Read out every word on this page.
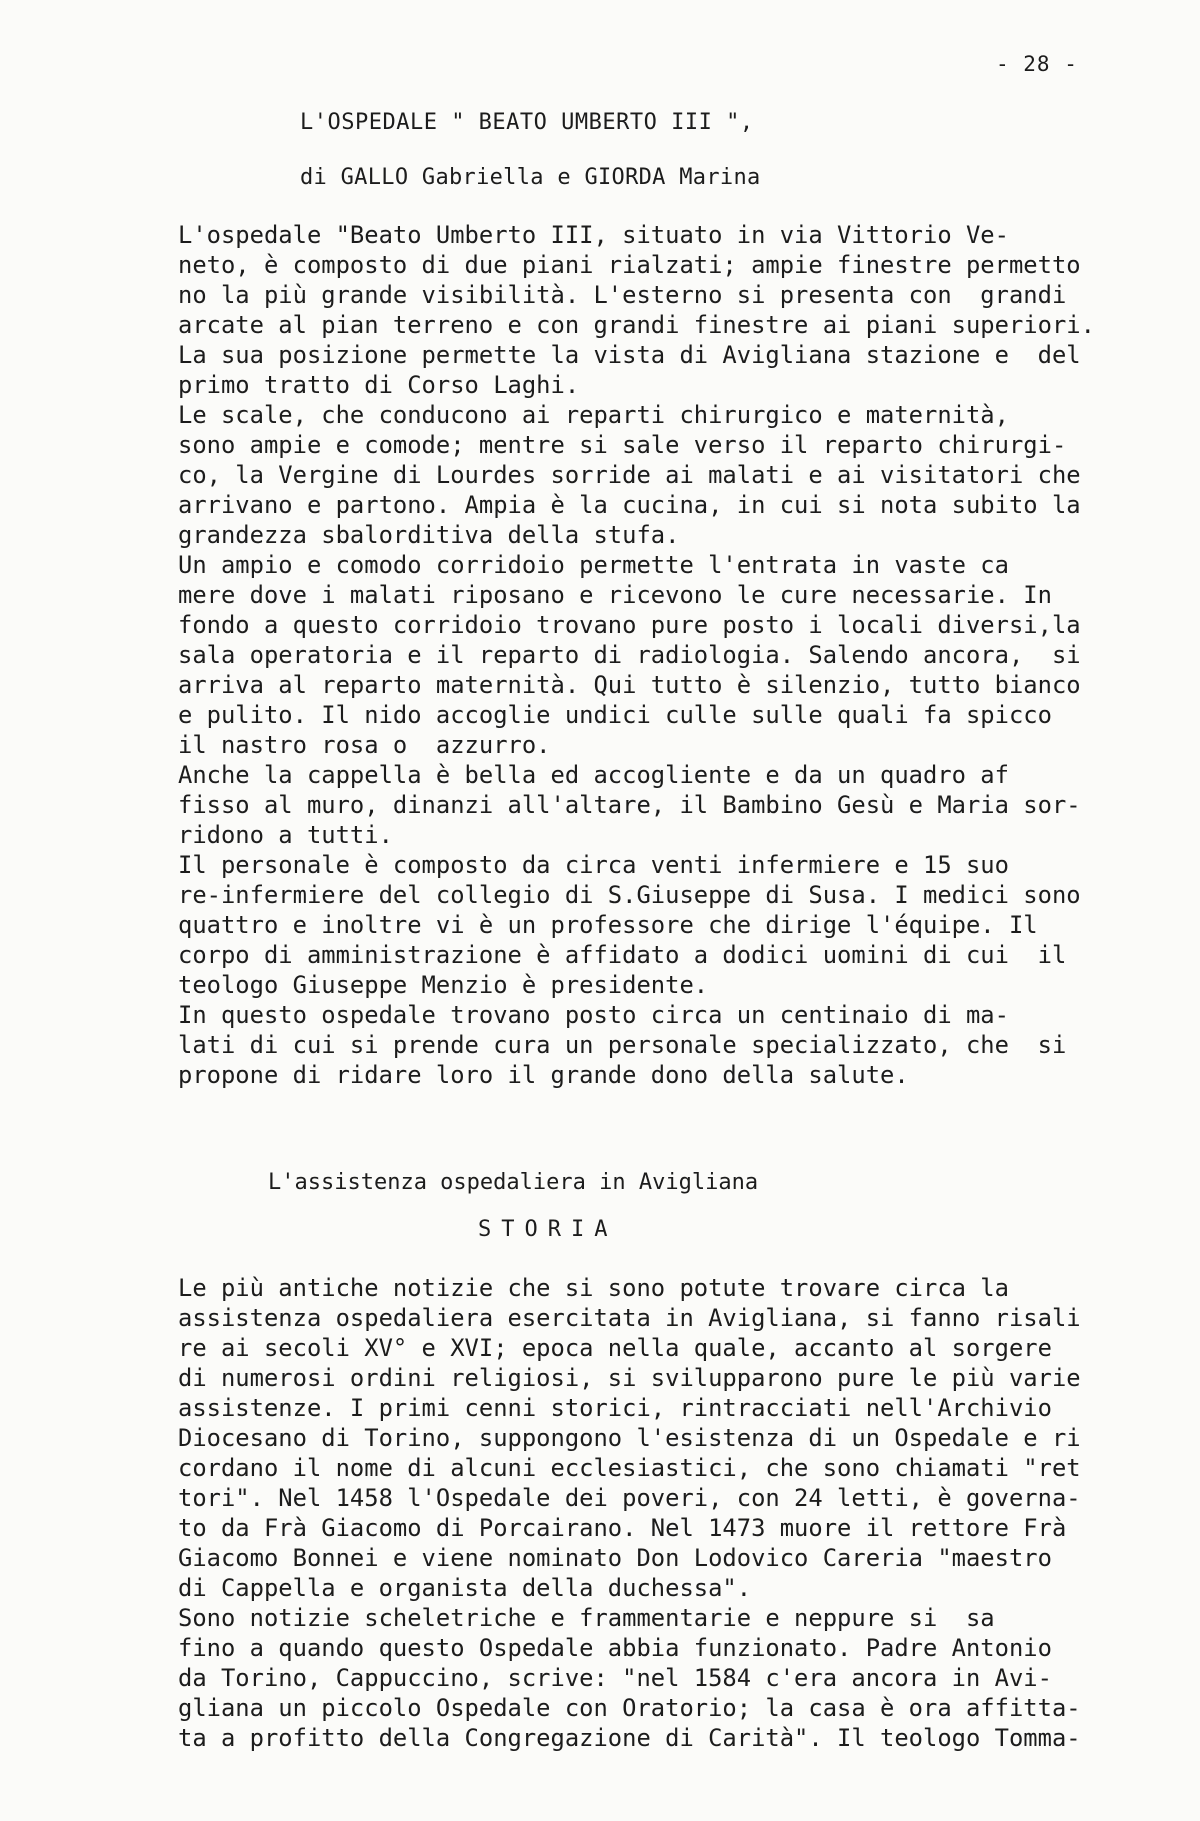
- 28 -
L'OSPEDALE " BEATO UMBERTO III ",
di GALLO Gabriella e GIORDA Marina
L'ospedale "Beato Umberto III, situato in via Vittorio Ve-
neto, è composto di due piani rialzati; ampie finestre permetto
no la più grande visibilità. L'esterno si presenta con  grandi
arcate al pian terreno e con grandi finestre ai piani superiori.
La sua posizione permette la vista di Avigliana stazione e  del
primo tratto di Corso Laghi.
Le scale, che conducono ai reparti chirurgico e maternità,
sono ampie e comode; mentre si sale verso il reparto chirurgi-
co, la Vergine di Lourdes sorride ai malati e ai visitatori che
arrivano e partono. Ampia è la cucina, in cui si nota subito la
grandezza sbalorditiva della stufa.
Un ampio e comodo corridoio permette l'entrata in vaste ca
mere dove i malati riposano e ricevono le cure necessarie. In
fondo a questo corridoio trovano pure posto i locali diversi,la
sala operatoria e il reparto di radiologia. Salendo ancora,  si
arriva al reparto maternità. Qui tutto è silenzio, tutto bianco
e pulito. Il nido accoglie undici culle sulle quali fa spicco
il nastro rosa o  azzurro.
Anche la cappella è bella ed accogliente e da un quadro af
fisso al muro, dinanzi all'altare, il Bambino Gesù e Maria sor-
ridono a tutti.
Il personale è composto da circa venti infermiere e 15 suo
re-infermiere del collegio di S.Giuseppe di Susa. I medici sono
quattro e inoltre vi è un professore che dirige l'équipe. Il
corpo di amministrazione è affidato a dodici uomini di cui  il
teologo Giuseppe Menzio è presidente.
In questo ospedale trovano posto circa un centinaio di ma-
lati di cui si prende cura un personale specializzato, che  si
propone di ridare loro il grande dono della salute.
L'assistenza ospedaliera in Avigliana
STORIA
Le più antiche notizie che si sono potute trovare circa la
assistenza ospedaliera esercitata in Avigliana, si fanno risali
re ai secoli XV° e XVI; epoca nella quale, accanto al sorgere
di numerosi ordini religiosi, si svilupparono pure le più varie
assistenze. I primi cenni storici, rintracciati nell'Archivio
Diocesano di Torino, suppongono l'esistenza di un Ospedale e ri
cordano il nome di alcuni ecclesiastici, che sono chiamati "ret
tori". Nel 1458 l'Ospedale dei poveri, con 24 letti, è governa-
to da Frà Giacomo di Porcairano. Nel 1473 muore il rettore Frà
Giacomo Bonnei e viene nominato Don Lodovico Careria "maestro
di Cappella e organista della duchessa".
Sono notizie scheletriche e frammentarie e neppure si  sa
fino a quando questo Ospedale abbia funzionato. Padre Antonio
da Torino, Cappuccino, scrive: "nel 1584 c'era ancora in Avi-
gliana un piccolo Ospedale con Oratorio; la casa è ora affitta-
ta a profitto della Congregazione di Carità". Il teologo Tomma-
